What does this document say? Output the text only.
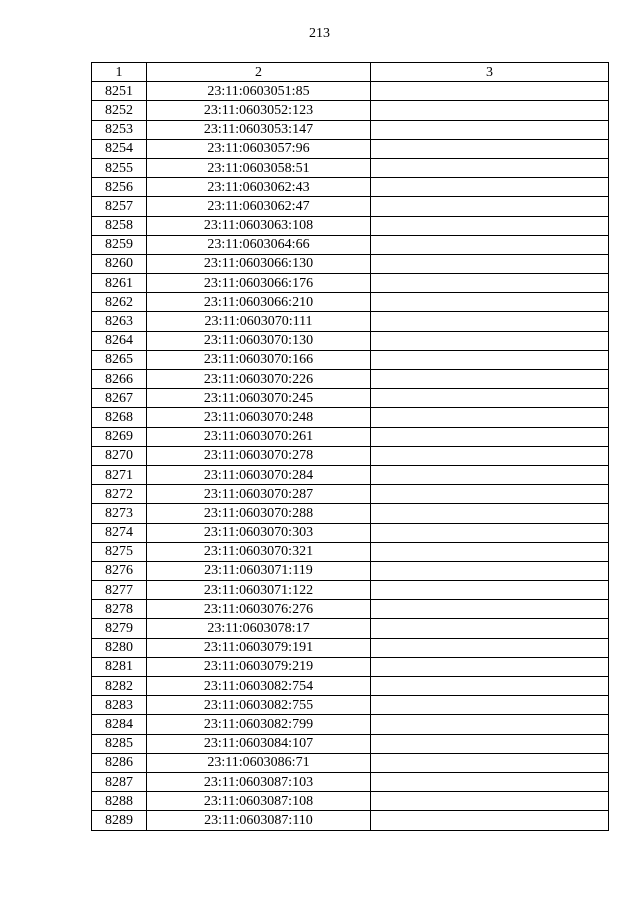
213
1	2	3
8251	23:11:0603051:85	
8252	23:11:0603052:123	
8253	23:11:0603053:147	
8254	23:11:0603057:96	
8255	23:11:0603058:51	
8256	23:11:0603062:43	
8257	23:11:0603062:47	
8258	23:11:0603063:108	
8259	23:11:0603064:66	
8260	23:11:0603066:130	
8261	23:11:0603066:176	
8262	23:11:0603066:210	
8263	23:11:0603070:111	
8264	23:11:0603070:130	
8265	23:11:0603070:166	
8266	23:11:0603070:226	
8267	23:11:0603070:245	
8268	23:11:0603070:248	
8269	23:11:0603070:261	
8270	23:11:0603070:278	
8271	23:11:0603070:284	
8272	23:11:0603070:287	
8273	23:11:0603070:288	
8274	23:11:0603070:303	
8275	23:11:0603070:321	
8276	23:11:0603071:119	
8277	23:11:0603071:122	
8278	23:11:0603076:276	
8279	23:11:0603078:17	
8280	23:11:0603079:191	
8281	23:11:0603079:219	
8282	23:11:0603082:754	
8283	23:11:0603082:755	
8284	23:11:0603082:799	
8285	23:11:0603084:107	
8286	23:11:0603086:71	
8287	23:11:0603087:103	
8288	23:11:0603087:108	
8289	23:11:0603087:110	
